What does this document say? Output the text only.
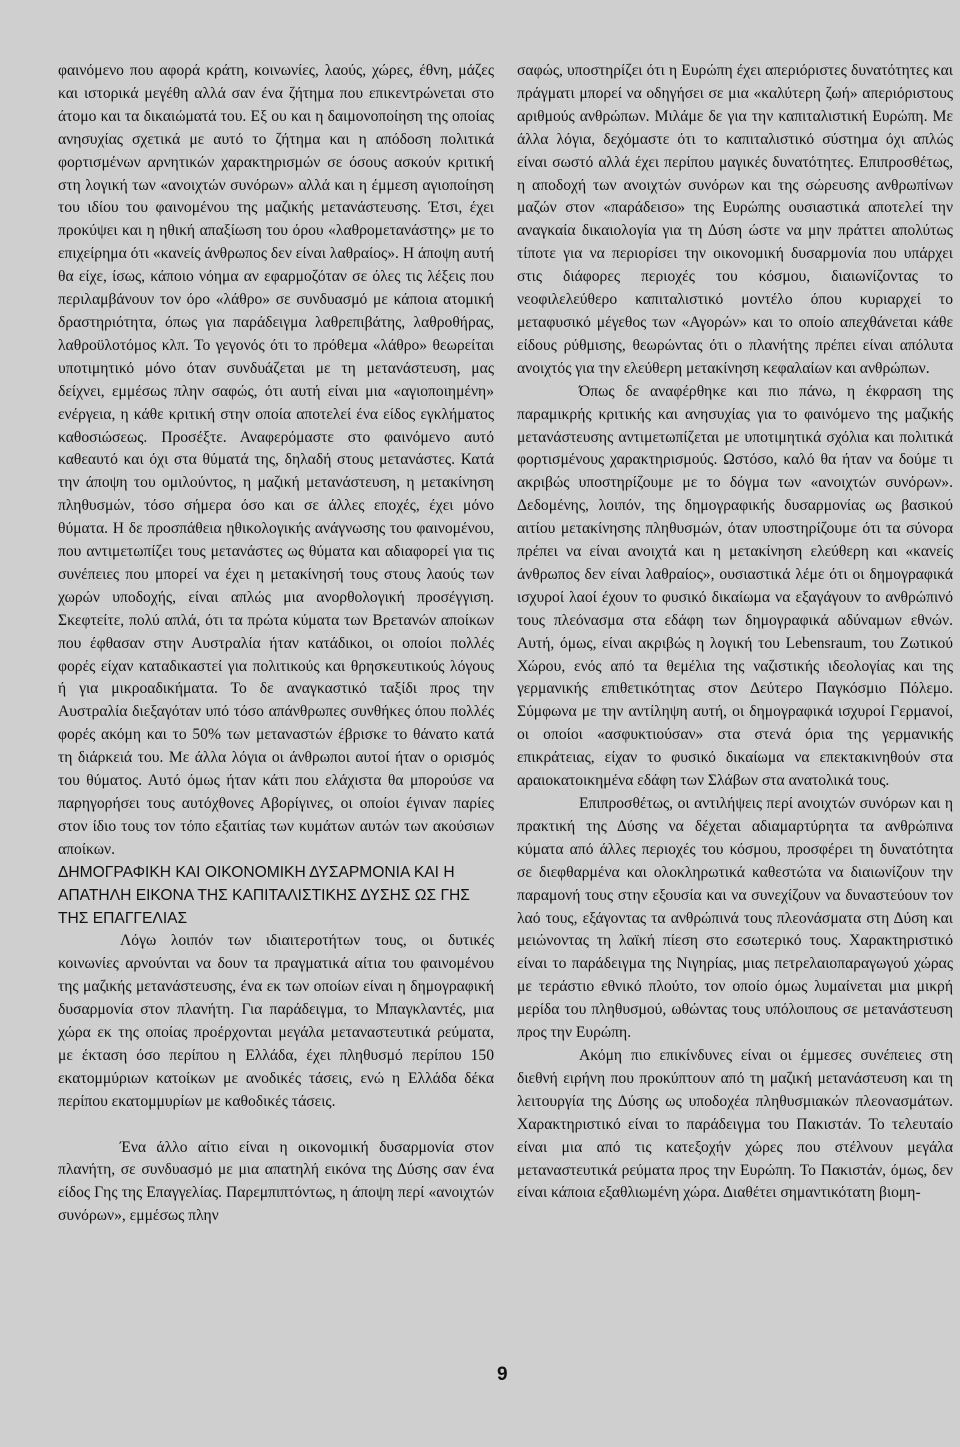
φαινόμενο που αφορά κράτη, κοινωνίες, λαούς, χώρες, έθνη, μάζες και ιστορικά μεγέθη αλλά σαν ένα ζήτημα που επικεντρώνεται στο άτομο και τα δικαιώματά του. Εξ ου και η δαιμονοποίηση της οποίας ανησυχίας σχετικά με αυτό το ζήτημα και η απόδοση πολιτικά φορτισμένων αρνητικών χαρακτηρισμών σε όσους ασκούν κριτική στη λογική των «ανοιχτών συνόρων» αλλά και η έμμεση αγιοποίηση του ιδίου του φαινομένου της μαζικής μετανάστευσης. Έτσι, έχει προκύψει και η ηθική απαξίωση του όρου «λαθρομετανάστης» με το επιχείρημα ότι «κανείς άνθρωπος δεν είναι λαθραίος». Η άποψη αυτή θα είχε, ίσως, κάποιο νόημα αν εφαρμοζόταν σε όλες τις λέξεις που περιλαμβάνουν τον όρο «λάθρο» σε συνδυασμό με κάποια ατομική δραστηριότητα, όπως για παράδειγμα λαθρεπιβάτης, λαθροθήρας, λαθροϋλοτόμος κλπ. Το γεγονός ότι το πρόθεμα «λάθρο» θεωρείται υποτιμητικό μόνο όταν συνδυάζεται με τη μετανάστευση, μας δείχνει, εμμέσως πλην σαφώς, ότι αυτή είναι μια «αγιοποιημένη» ενέργεια, η κάθε κριτική στην οποία αποτελεί ένα είδος εγκλήματος καθοσιώσεως. Προσέξτε. Αναφερόμαστε στο φαινόμενο αυτό καθεαυτό και όχι στα θύματά της, δηλαδή στους μετανάστες. Κατά την άποψη του ομιλούντος, η μαζική μετανάστευση, η μετακίνηση πληθυσμών, τόσο σήμερα όσο και σε άλλες εποχές, έχει μόνο θύματα. Η δε προσπάθεια ηθικολογικής ανάγνωσης του φαινομένου, που αντιμετωπίζει τους μετανάστες ως θύματα και αδιαφορεί για τις συνέπειες που μπορεί να έχει η μετακίνησή τους στους λαούς των χωρών υποδοχής, είναι απλώς μια ανορθολογική προσέγγιση. Σκεφτείτε, πολύ απλά, ότι τα πρώτα κύματα των Βρετανών αποίκων που έφθασαν στην Αυστραλία ήταν κατάδικοι, οι οποίοι πολλές φορές είχαν καταδικαστεί για πολιτικούς και θρησκευτικούς λόγους ή για μικροαδικήματα. Το δε αναγκαστικό ταξίδι προς την Αυστραλία διεξαγόταν υπό τόσο απάνθρωπες συνθήκες όπου πολλές φορές ακόμη και το 50% των μεταναστών έβρισκε το θάνατο κατά τη διάρκειά του. Με άλλα λόγια οι άνθρωποι αυτοί ήταν ο ορισμός του θύματος. Αυτό όμως ήταν κάτι που ελάχιστα θα μπορούσε να παρηγορήσει τους αυτόχθονες Αβορίγινες, οι οποίοι έγιναν παρίες στον ίδιο τους τον τόπο εξαιτίας των κυμάτων αυτών των ακούσιων αποίκων.

ΔΗΜΟΓΡΑΦΙΚΗ ΚΑΙ ΟΙΚΟΝΟΜΙΚΗ ΔΥΣΑΡΜΟΝΙΑ ΚΑΙ Η ΑΠΑΤΗΛΗ ΕΙΚΟΝΑ ΤΗΣ ΚΑΠΙΤΑΛΙΣΤΙΚΗΣ ΔΥΣΗΣ ΩΣ ΓΗΣ ΤΗΣ ΕΠΑΓΓΕΛΙΑΣ

Λόγω λοιπόν των ιδιαιτεροτήτων τους, οι δυτικές κοινωνίες αρνούνται να δουν τα πραγματικά αίτια του φαινομένου της μαζικής μετανάστευσης, ένα εκ των οποίων είναι η δημογραφική δυσαρμονία στον πλανήτη. Για παράδειγμα, το Μπαγκλαντές, μια χώρα εκ της οποίας προέρχονται μεγάλα μεταναστευτικά ρεύματα, με έκταση όσο περίπου η Ελλάδα, έχει πληθυσμό περίπου 150 εκατομμύριων κατοίκων με ανοδικές τάσεις, ενώ η Ελλάδα δέκα περίπου εκατομμυρίων με καθοδικές τάσεις.

Ένα άλλο αίτιο είναι η οικονομική δυσαρμονία στον πλανήτη, σε συνδυασμό με μια απατηλή εικόνα της Δύσης σαν ένα είδος Γης της Επαγγελίας. Παρεμπιπτόντως, η άποψη περί «ανοιχτών συνόρων», εμμέσως πλην

σαφώς, υποστηρίζει ότι η Ευρώπη έχει απεριόριστες δυνατότητες και πράγματι μπορεί να οδηγήσει σε μια «καλύτερη ζωή» απεριόριστους αριθμούς ανθρώπων. Μιλάμε δε για την καπιταλιστική Ευρώπη. Με άλλα λόγια, δεχόμαστε ότι το καπιταλιστικό σύστημα όχι απλώς είναι σωστό αλλά έχει περίπου μαγικές δυνατότητες. Επιπροσθέτως, η αποδοχή των ανοιχτών συνόρων και της σώρευσης ανθρωπίνων μαζών στον «παράδεισο» της Ευρώπης ουσιαστικά αποτελεί την αναγκαία δικαιολογία για τη Δύση ώστε να μην πράττει απολύτως τίποτε για να περιορίσει την οικονομική δυσαρμονία που υπάρχει στις διάφορες περιοχές του κόσμου, διαιωνίζοντας το νεοφιλελεύθερο καπιταλιστικό μοντέλο όπου κυριαρχεί το μεταφυσικό μέγεθος των «Αγορών» και το οποίο απεχθάνεται κάθε είδους ρύθμισης, θεωρώντας ότι ο πλανήτης πρέπει είναι απόλυτα ανοιχτός για την ελεύθερη μετακίνηση κεφαλαίων και ανθρώπων.

Όπως δε αναφέρθηκε και πιο πάνω, η έκφραση της παραμικρής κριτικής και ανησυχίας για το φαινόμενο της μαζικής μετανάστευσης αντιμετωπίζεται με υποτιμητικά σχόλια και πολιτικά φορτισμένους χαρακτηρισμούς. Ωστόσο, καλό θα ήταν να δούμε τι ακριβώς υποστηρίζουμε με το δόγμα των «ανοιχτών συνόρων». Δεδομένης, λοιπόν, της δημογραφικής δυσαρμονίας ως βασικού αιτίου μετακίνησης πληθυσμών, όταν υποστηρίζουμε ότι τα σύνορα πρέπει να είναι ανοιχτά και η μετακίνηση ελεύθερη και «κανείς άνθρωπος δεν είναι λαθραίος», ουσιαστικά λέμε ότι οι δημογραφικά ισχυροί λαοί έχουν το φυσικό δικαίωμα να εξαγάγουν το ανθρώπινό τους πλεόνασμα στα εδάφη των δημογραφικά αδύναμων εθνών. Αυτή, όμως, είναι ακριβώς η λογική του Lebensraum, του Ζωτικού Χώρου, ενός από τα θεμέλια της ναζιστικής ιδεολογίας και της γερμανικής επιθετικότητας στον Δεύτερο Παγκόσμιο Πόλεμο. Σύμφωνα με την αντίληψη αυτή, οι δημογραφικά ισχυροί Γερμανοί, οι οποίοι «ασφυκτιούσαν» στα στενά όρια της γερμανικής επικράτειας, είχαν το φυσικό δικαίωμα να επεκτακινηθούν στα αραιοκατοικημένα εδάφη των Σλάβων στα ανατολικά τους.

Επιπροσθέτως, οι αντιλήψεις περί ανοιχτών συνόρων και η πρακτική της Δύσης να δέχεται αδιαμαρτύρητα τα ανθρώπινα κύματα από άλλες περιοχές του κόσμου, προσφέρει τη δυνατότητα σε διεφθαρμένα και ολοκληρωτικά καθεστώτα να διαιωνίζουν την παραμονή τους στην εξουσία και να συνεχίζουν να δυναστεύουν τον λαό τους, εξάγοντας τα ανθρώπινά τους πλεονάσματα στη Δύση και μειώνοντας τη λαϊκή πίεση στο εσωτερικό τους. Χαρακτηριστικό είναι το παράδειγμα της Νιγηρίας, μιας πετρελαιοπαραγωγού χώρας με τεράστιο εθνικό πλούτο, τον οποίο όμως λυμαίνεται μια μικρή μερίδα του πληθυσμού, ωθώντας τους υπόλοιπους σε μετανάστευση προς την Ευρώπη.

Ακόμη πιο επικίνδυνες είναι οι έμμεσες συνέπειες στη διεθνή ειρήνη που προκύπτουν από τη μαζική μετανάστευση και τη λειτουργία της Δύσης ως υποδοχέα πληθυσμιακών πλεονασμάτων. Χαρακτηριστικό είναι το παράδειγμα του Πακιστάν. Το τελευταίο είναι μια από τις κατεξοχήν χώρες που στέλνουν μεγάλα μεταναστευτικά ρεύματα προς την Ευρώπη. Το Πακιστάν, όμως, δεν είναι κάποια εξαθλιωμένη χώρα. Διαθέτει σημαντικότατη βιομη-

9
